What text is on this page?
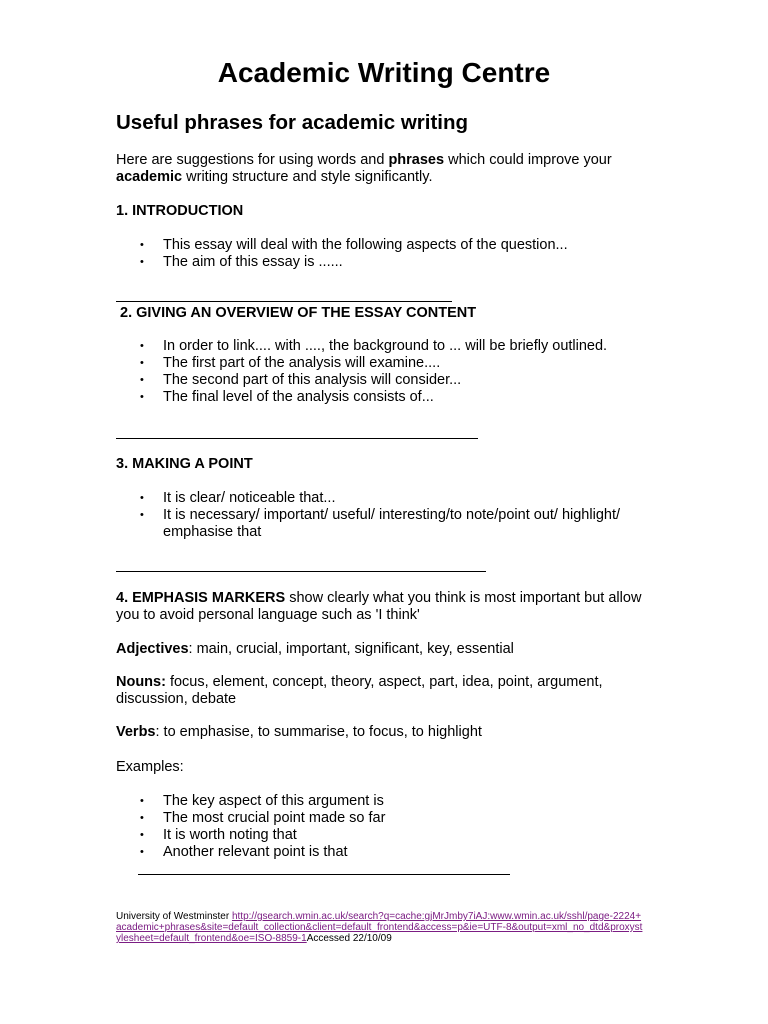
Academic Writing Centre
Useful phrases for academic writing
Here are suggestions for using words and phrases which could improve your
academic writing structure and style significantly.
1. INTRODUCTION
• This essay will deal with the following aspects of the question...
• The aim of this essay is ......
2. GIVING AN OVERVIEW OF THE ESSAY CONTENT
• In order to link.... with ...., the background to ... will be briefly outlined.
• The first part of the analysis will examine....
• The second part of this analysis will consider...
• The final level of the analysis consists of...
3. MAKING A POINT
• It is clear/ noticeable that...
• It is necessary/ important/ useful/ interesting/to note/point out/ highlight/ emphasise that
4. EMPHASIS MARKERS show clearly what you think is most important but allow you to avoid personal language such as 'I think'
Adjectives: main, crucial, important, significant, key, essential
Nouns: focus, element, concept, theory, aspect, part, idea, point, argument, discussion, debate
Verbs: to emphasise, to summarise, to focus, to highlight
Examples:
• The key aspect of this argument is
• The most crucial point made so far
• It is worth noting that
• Another relevant point is that
University of Westminster http://gsearch.wmin.ac.uk/search?q=cache:gjMrJmby7iAJ:www.wmin.ac.uk/sshl/page-2224+academic+phrases&site=default_collection&client=default_frontend&access=p&ie=UTF-8&output=xml_no_dtd&proxystylesheet=default_frontend&oe=ISO-8859-1Accessed 22/10/09
